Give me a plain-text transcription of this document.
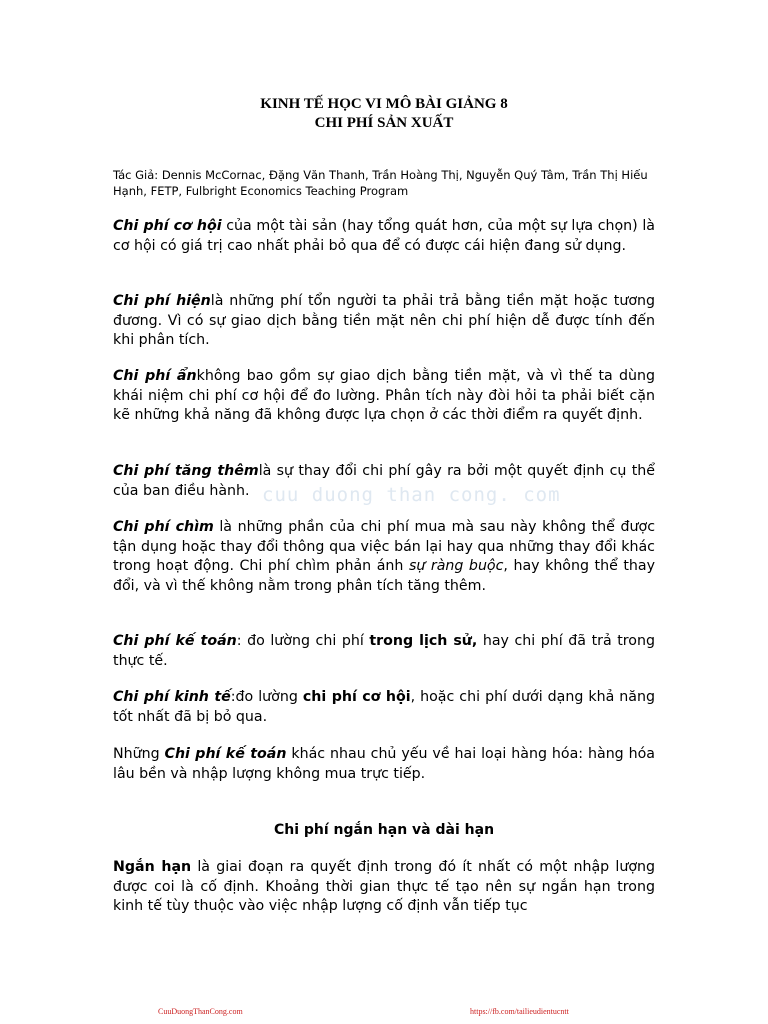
KINH TẾ HỌC VI MÔ BÀI GIẢNG 8
CHI PHÍ SẢN XUẤT
Tác Giả: Dennis McCornac, Đặng Văn Thanh, Trần Hoàng Thị, Nguyễn Quý Tâm, Trần Thị Hiếu Hạnh, FETP, Fulbright Economics Teaching Program
cuu duong than cong. com
Chi phí cơ hội của một tài sản (hay tổng quát hơn, của một sự lựa chọn) là cơ hội có giá trị cao nhất phải bỏ qua để có được cái hiện đang sử dụng.
Chi phí hiệnlà những phí tổn người ta phải trả bằng tiền mặt hoặc tương đương. Vì có sự giao dịch bằng tiền mặt nên chi phí hiện dễ được tính đến khi phân tích.
Chi phí ẩnkhông bao gồm sự giao dịch bằng tiền mặt, và vì thế ta dùng khái niệm chi phí cơ hội để đo lường. Phân tích này đòi hỏi ta phải biết cặn kẽ những khả năng đã không được lựa chọn ở các thời điểm ra quyết định.
Chi phí tăng thêmlà sự thay đổi chi phí gây ra bởi một quyết định cụ thể của ban điều hành.
Chi phí chìm là những phần của chi phí mua mà sau này không thể được tận dụng hoặc thay đổi thông qua việc bán lại hay qua những thay đổi khác trong hoạt động. Chi phí chìm phản ánh sự ràng buộc, hay không thể thay đổi, và vì thế không nằm trong phân tích tăng thêm.
Chi phí kế toán: đo lường chi phí trong lịch sử, hay chi phí đã trả trong thực tế.
Chi phí kinh tế:đo lường chi phí cơ hội, hoặc chi phí dưới dạng khả năng tốt nhất đã bị bỏ qua.
Những Chi phí kế toán khác nhau chủ yếu về hai loại hàng hóa: hàng hóa lâu bền và nhập lượng không mua trực tiếp.
Chi phí ngắn hạn và dài hạn
Ngắn hạn là giai đoạn ra quyết định trong đó ít nhất có một nhập lượng được coi là cố định. Khoảng thời gian thực tế tạo nên sự ngắn hạn trong kinh tế tùy thuộc vào việc nhập lượng cố định vẫn tiếp tục
CuuDuongThanCong.com	https://fb.com/tailieudientucntt
